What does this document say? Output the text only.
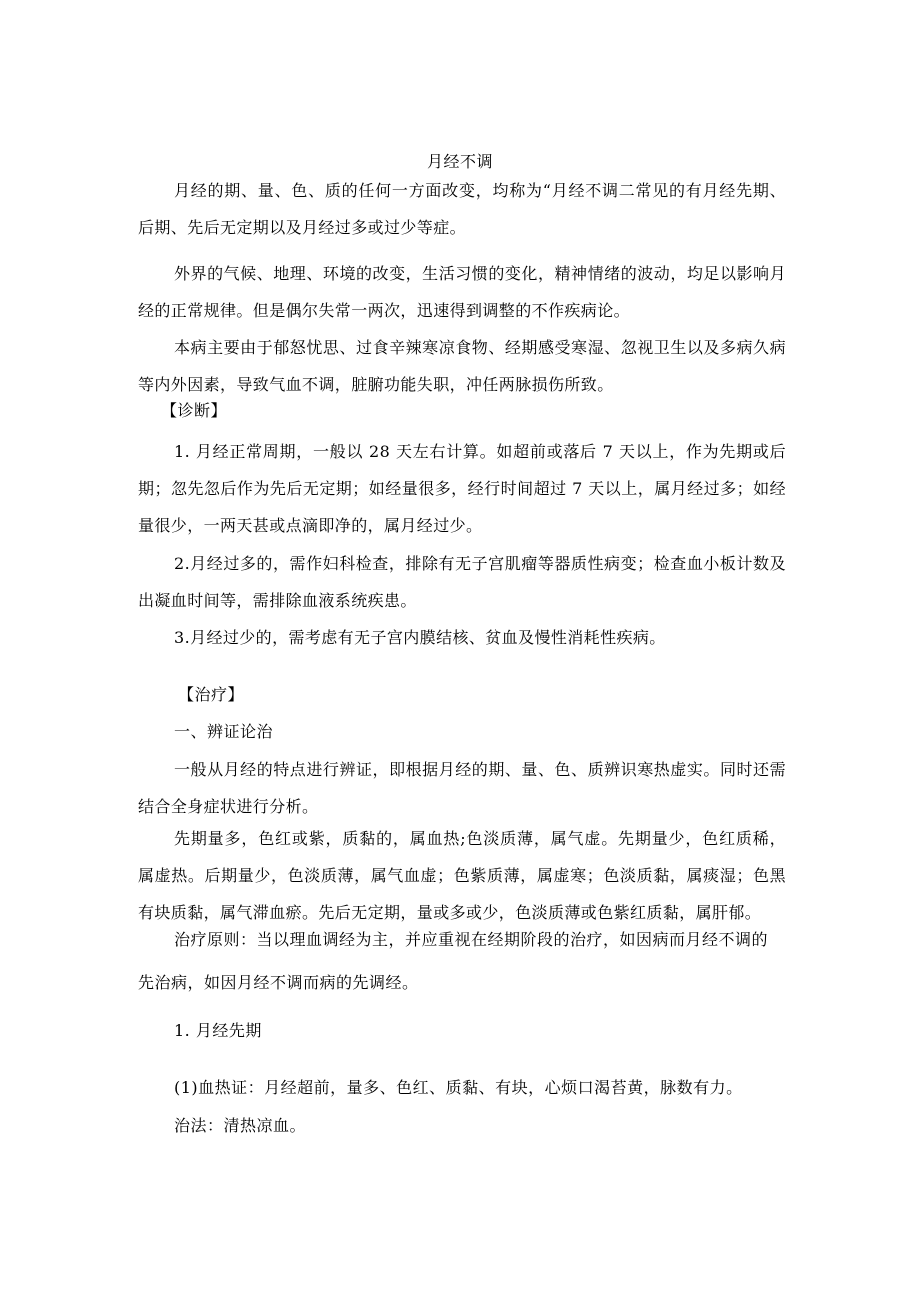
月经不调

月经的期、量、色、质的任何一方面改变，均称为“月经不调二常见的有月经先期、后期、先后无定期以及月经过多或过少等症。

外界的气候、地理、环境的改变，生活习惯的变化，精神情绪的波动，均足以影响月经的正常规律。但是偶尔失常一两次，迅速得到调整的不作疾病论。

本病主要由于郁怒忧思、过食辛辣寒凉食物、经期感受寒湿、忽视卫生以及多病久病等内外因素，导致气血不调，脏腑功能失职，冲任两脉损伤所致。

【诊断】

1. 月经正常周期，一般以 28 天左右计算。如超前或落后 7 天以上，作为先期或后期；忽先忽后作为先后无定期；如经量很多，经行时间超过 7 天以上，属月经过多；如经量很少，一两天甚或点滴即净的，属月经过少。

2.月经过多的，需作妇科检查，排除有无子宫肌瘤等器质性病变；检查血小板计数及出凝血时间等，需排除血液系统疾患。

3.月经过少的，需考虑有无子宫内膜结核、贫血及慢性消耗性疾病。

【治疗】
一、辨证论治

一般从月经的特点进行辨证，即根据月经的期、量、色、质辨识寒热虚实。同时还需结合全身症状进行分析。

先期量多，色红或紫，质黏的，属血热;色淡质薄，属气虚。先期量少，色红质稀，属虚热。后期量少，色淡质薄，属气血虚；色紫质薄，属虚寒；色淡质黏，属痰湿；色黑有块质黏，属气滞血瘀。先后无定期，量或多或少，色淡质薄或色紫红质黏，属肝郁。

治疗原则：当以理血调经为主，并应重视在经期阶段的治疗，如因病而月经不调的
先治病，如因月经不调而病的先调经。
1. 月经先期
(1)血热证：月经超前，量多、色红、质黏、有块，心烦口渴苔黄，脉数有力。
治法：清热凉血。
